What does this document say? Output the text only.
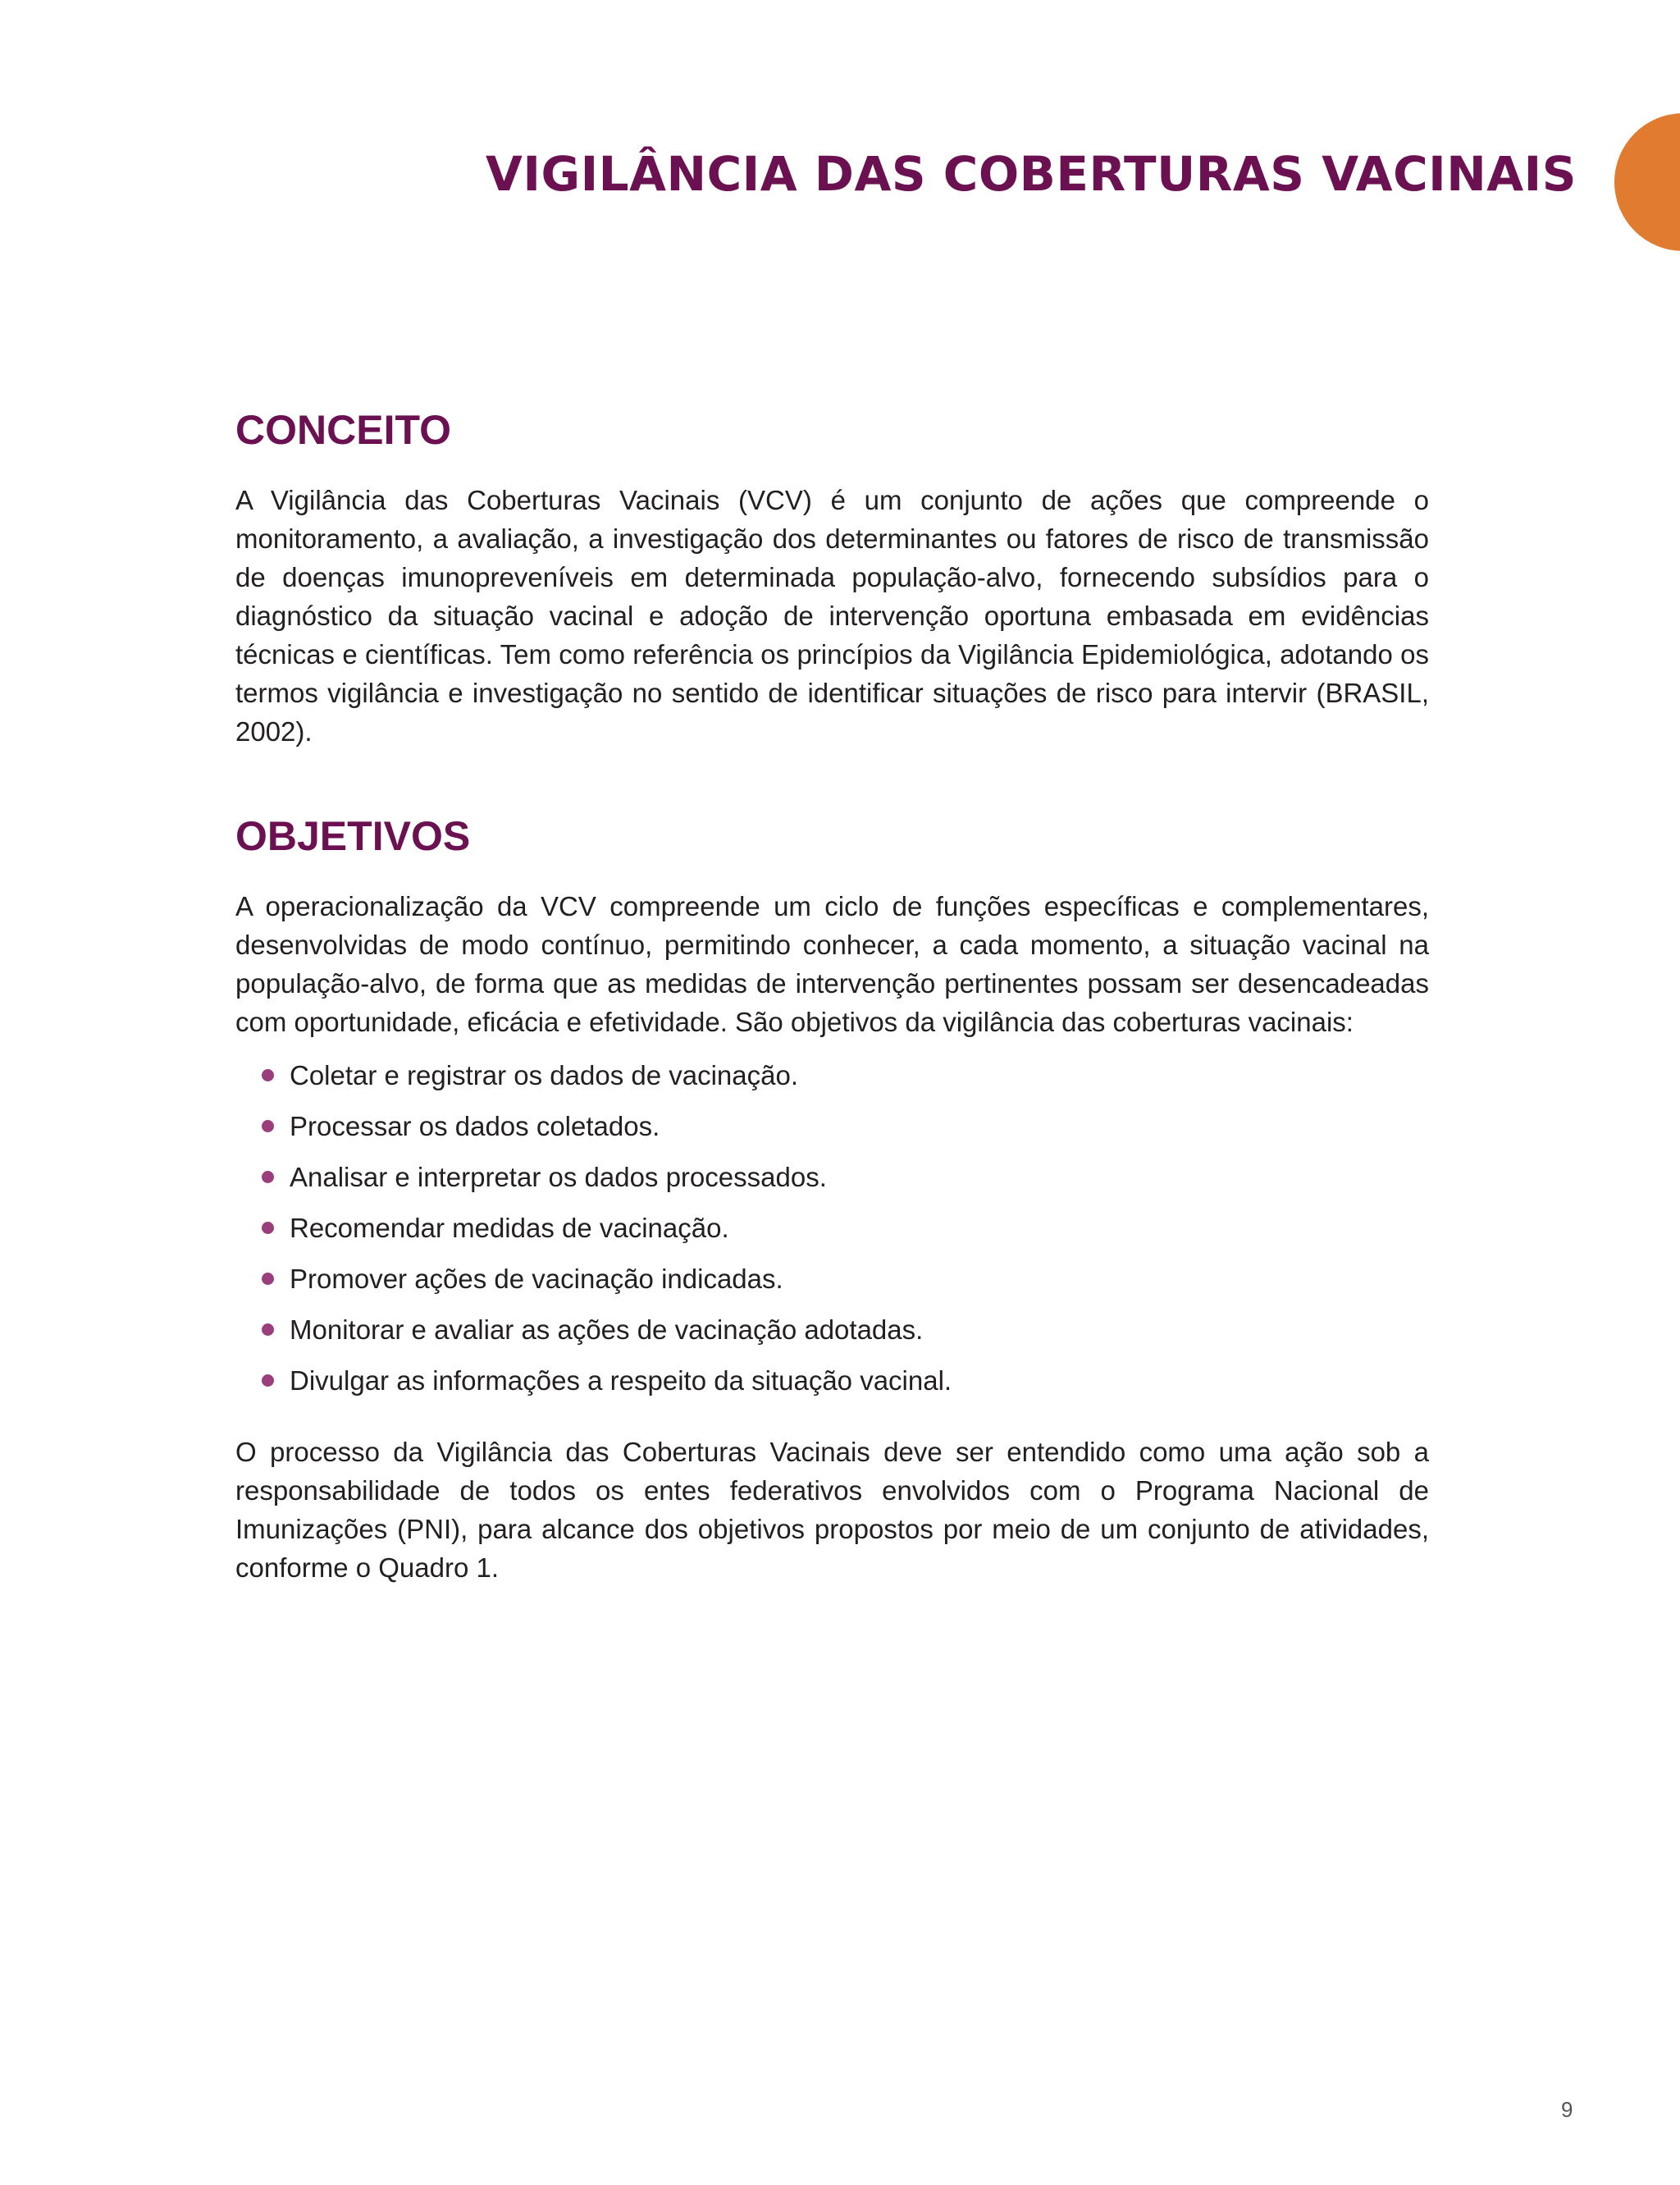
VIGILÂNCIA DAS COBERTURAS VACINAIS
CONCEITO

A Vigilância das Coberturas Vacinais (VCV) é um conjunto de ações que compreende o monitoramento, a avaliação, a investigação dos determinantes ou fatores de risco de transmissão de doenças imunopreveníveis em determinada população-alvo, fornecendo subsídios para o diagnóstico da situação vacinal e adoção de intervenção oportuna embasada em evidências técnicas e científicas. Tem como referência os princípios da Vigilância Epidemiológica, adotando os termos vigilância e investigação no sentido de identificar situações de risco para intervir (BRASIL, 2002).

OBJETIVOS

A operacionalização da VCV compreende um ciclo de funções específicas e complementares, desenvolvidas de modo contínuo, permitindo conhecer, a cada momento, a situação vacinal na população-alvo, de forma que as medidas de intervenção pertinentes possam ser desencadeadas com oportunidade, eficácia e efetividade. São objetivos da vigilância das coberturas vacinais:

Coletar e registrar os dados de vacinação.
Processar os dados coletados.
Analisar e interpretar os dados processados.
Recomendar medidas de vacinação.
Promover ações de vacinação indicadas.
Monitorar e avaliar as ações de vacinação adotadas.
Divulgar as informações a respeito da situação vacinal.

O processo da Vigilância das Coberturas Vacinais deve ser entendido como uma ação sob a responsabilidade de todos os entes federativos envolvidos com o Programa Nacional de Imunizações (PNI), para alcance dos objetivos propostos por meio de um conjunto de atividades, conforme o Quadro 1.

9
